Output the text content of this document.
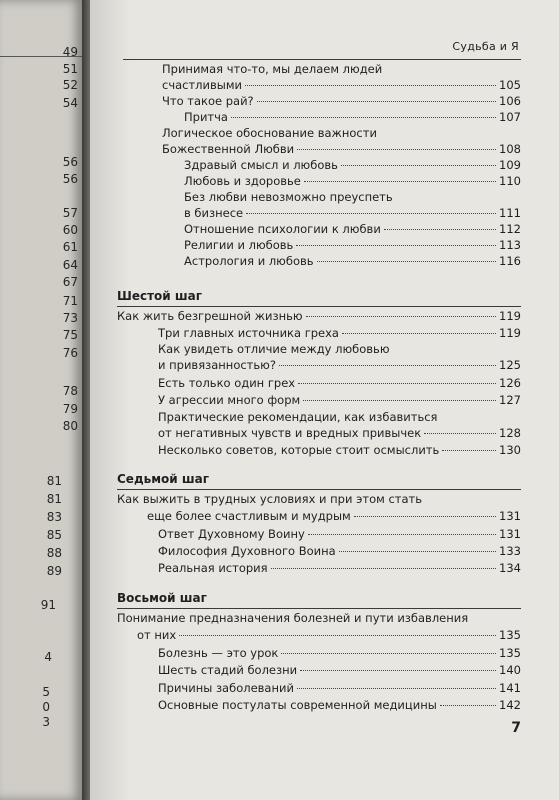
49
51
52
54
56
56
57
60
61
64
67
71
73
75
76
78
79
80
81
81
83
85
88
89
91
4
5
0
3
Судьба и Я
Принимая что-то, мы делаем людей
счастливыми	105
Что такое рай?	106
Притча	107
Логическое обоснование важности
Божественной Любви	108
Здравый смысл и любовь	109
Любовь и здоровье	110
Без любви невозможно преуспеть
в бизнесе	111
Отношение психологии к любви	112
Религии и любовь	113
Астрология и любовь	116
Шестой шаг
Как жить безгрешной жизнью	119
Три главных источника греха	119
Как увидеть отличие между любовью
и привязанностью?	125
Есть только один грех	126
У агрессии много форм	127
Практические рекомендации, как избавиться
от негативных чувств и вредных привычек	128
Несколько советов, которые стоит осмыслить	130
Седьмой шаг
Как выжить в трудных условиях и при этом стать
еще более счастливым и мудрым	131
Ответ Духовному Воину	131
Философия Духовного Воина	133
Реальная история	134
Восьмой шаг
Понимание предназначения болезней и пути избавления
от них	135
Болезнь — это урок	135
Шесть стадий болезни	140
Причины заболеваний	141
Основные постулаты современной медицины	142
7
